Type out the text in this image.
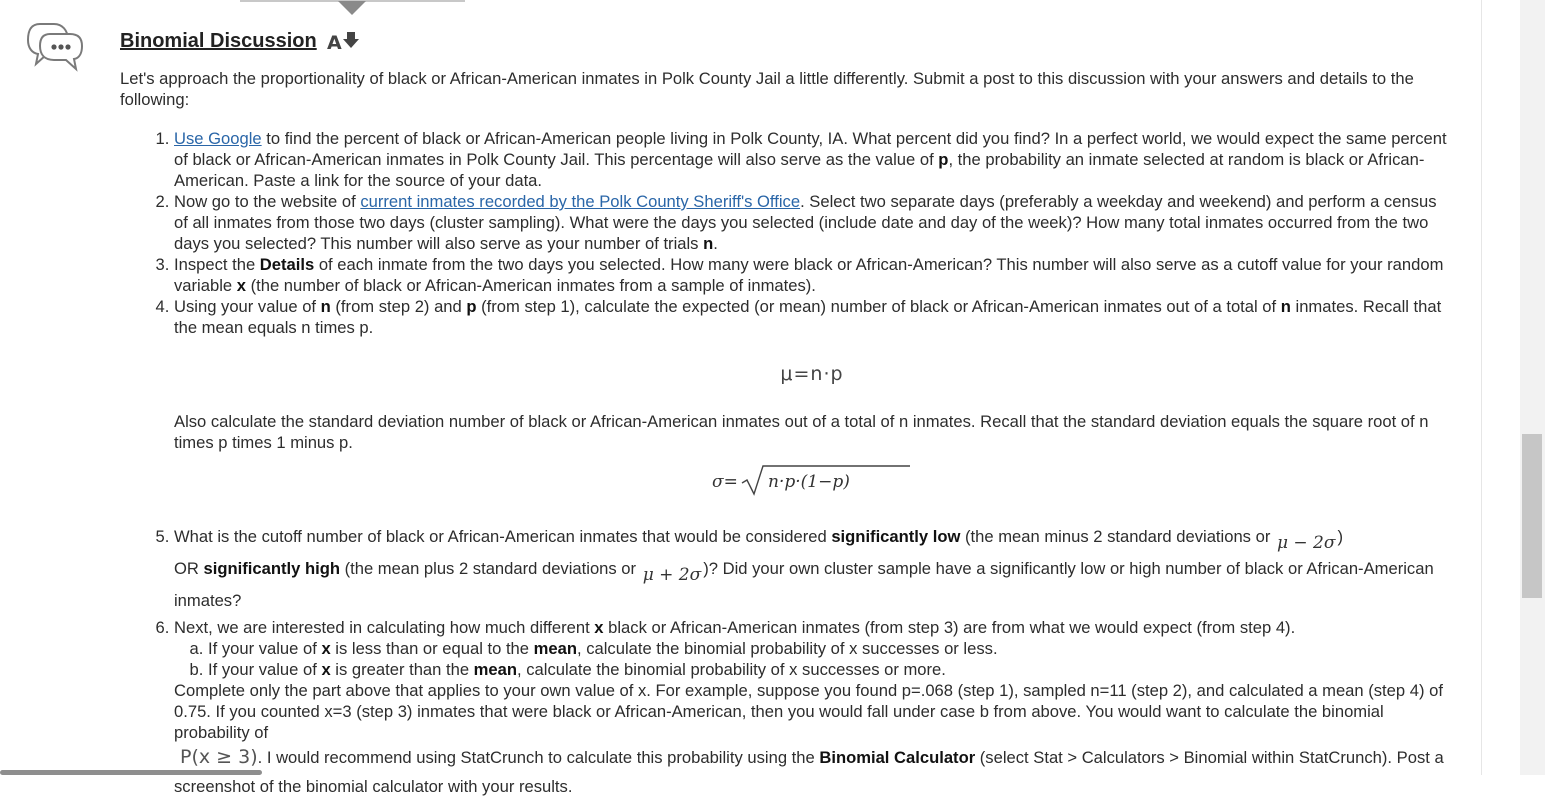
Binomial Discussion A
Let's approach the proportionality of black or African-American inmates in Polk County Jail a little differently. Submit a post to this discussion with your answers and details to the following:
1. Use Google to find the percent of black or African-American people living in Polk County, IA. What percent did you find? In a perfect world, we would expect the same percent of black or African-American inmates in Polk County Jail. This percentage will also serve as the value of p, the probability an inmate selected at random is black or African-American. Paste a link for the source of your data.
2. Now go to the website of current inmates recorded by the Polk County Sheriff's Office. Select two separate days (preferably a weekday and weekend) and perform a census of all inmates from those two days (cluster sampling). What were the days you selected (include date and day of the week)? How many total inmates occurred from the two days you selected? This number will also serve as your number of trials n.
3. Inspect the Details of each inmate from the two days you selected. How many were black or African-American? This number will also serve as a cutoff value for your random variable x (the number of black or African-American inmates from a sample of inmates).
4. Using your value of n (from step 2) and p (from step 1), calculate the expected (or mean) number of black or African-American inmates out of a total of n inmates. Recall that the mean equals n times p.
μ=n·p
Also calculate the standard deviation number of black or African-American inmates out of a total of n inmates. Recall that the standard deviation equals the square root of n times p times 1 minus p.
σ= n·p·(1−p)
5. What is the cutoff number of black or African-American inmates that would be considered significantly low (the mean minus 2 standard deviations or μ − 2σ )
OR significantly high (the mean plus 2 standard deviations or μ + 2σ )? Did your own cluster sample have a significantly low or high number of black or African-American inmates?
6. Next, we are interested in calculating how much different x black or African-American inmates (from step 3) are from what we would expect (from step 4).
a. If your value of x is less than or equal to the mean, calculate the binomial probability of x successes or less.
b. If your value of x is greater than the mean, calculate the binomial probability of x successes or more.
Complete only the part above that applies to your own value of x. For example, suppose you found p=.068 (step 1), sampled n=11 (step 2), and calculated a mean (step 4) of 0.75. If you counted x=3 (step 3) inmates that were black or African-American, then you would fall under case b from above. You would want to calculate the binomial probability of
P(x ≥ 3). I would recommend using StatCrunch to calculate this probability using the Binomial Calculator (select Stat > Calculators > Binomial within StatCrunch). Post a screenshot of the binomial calculator with your results.
